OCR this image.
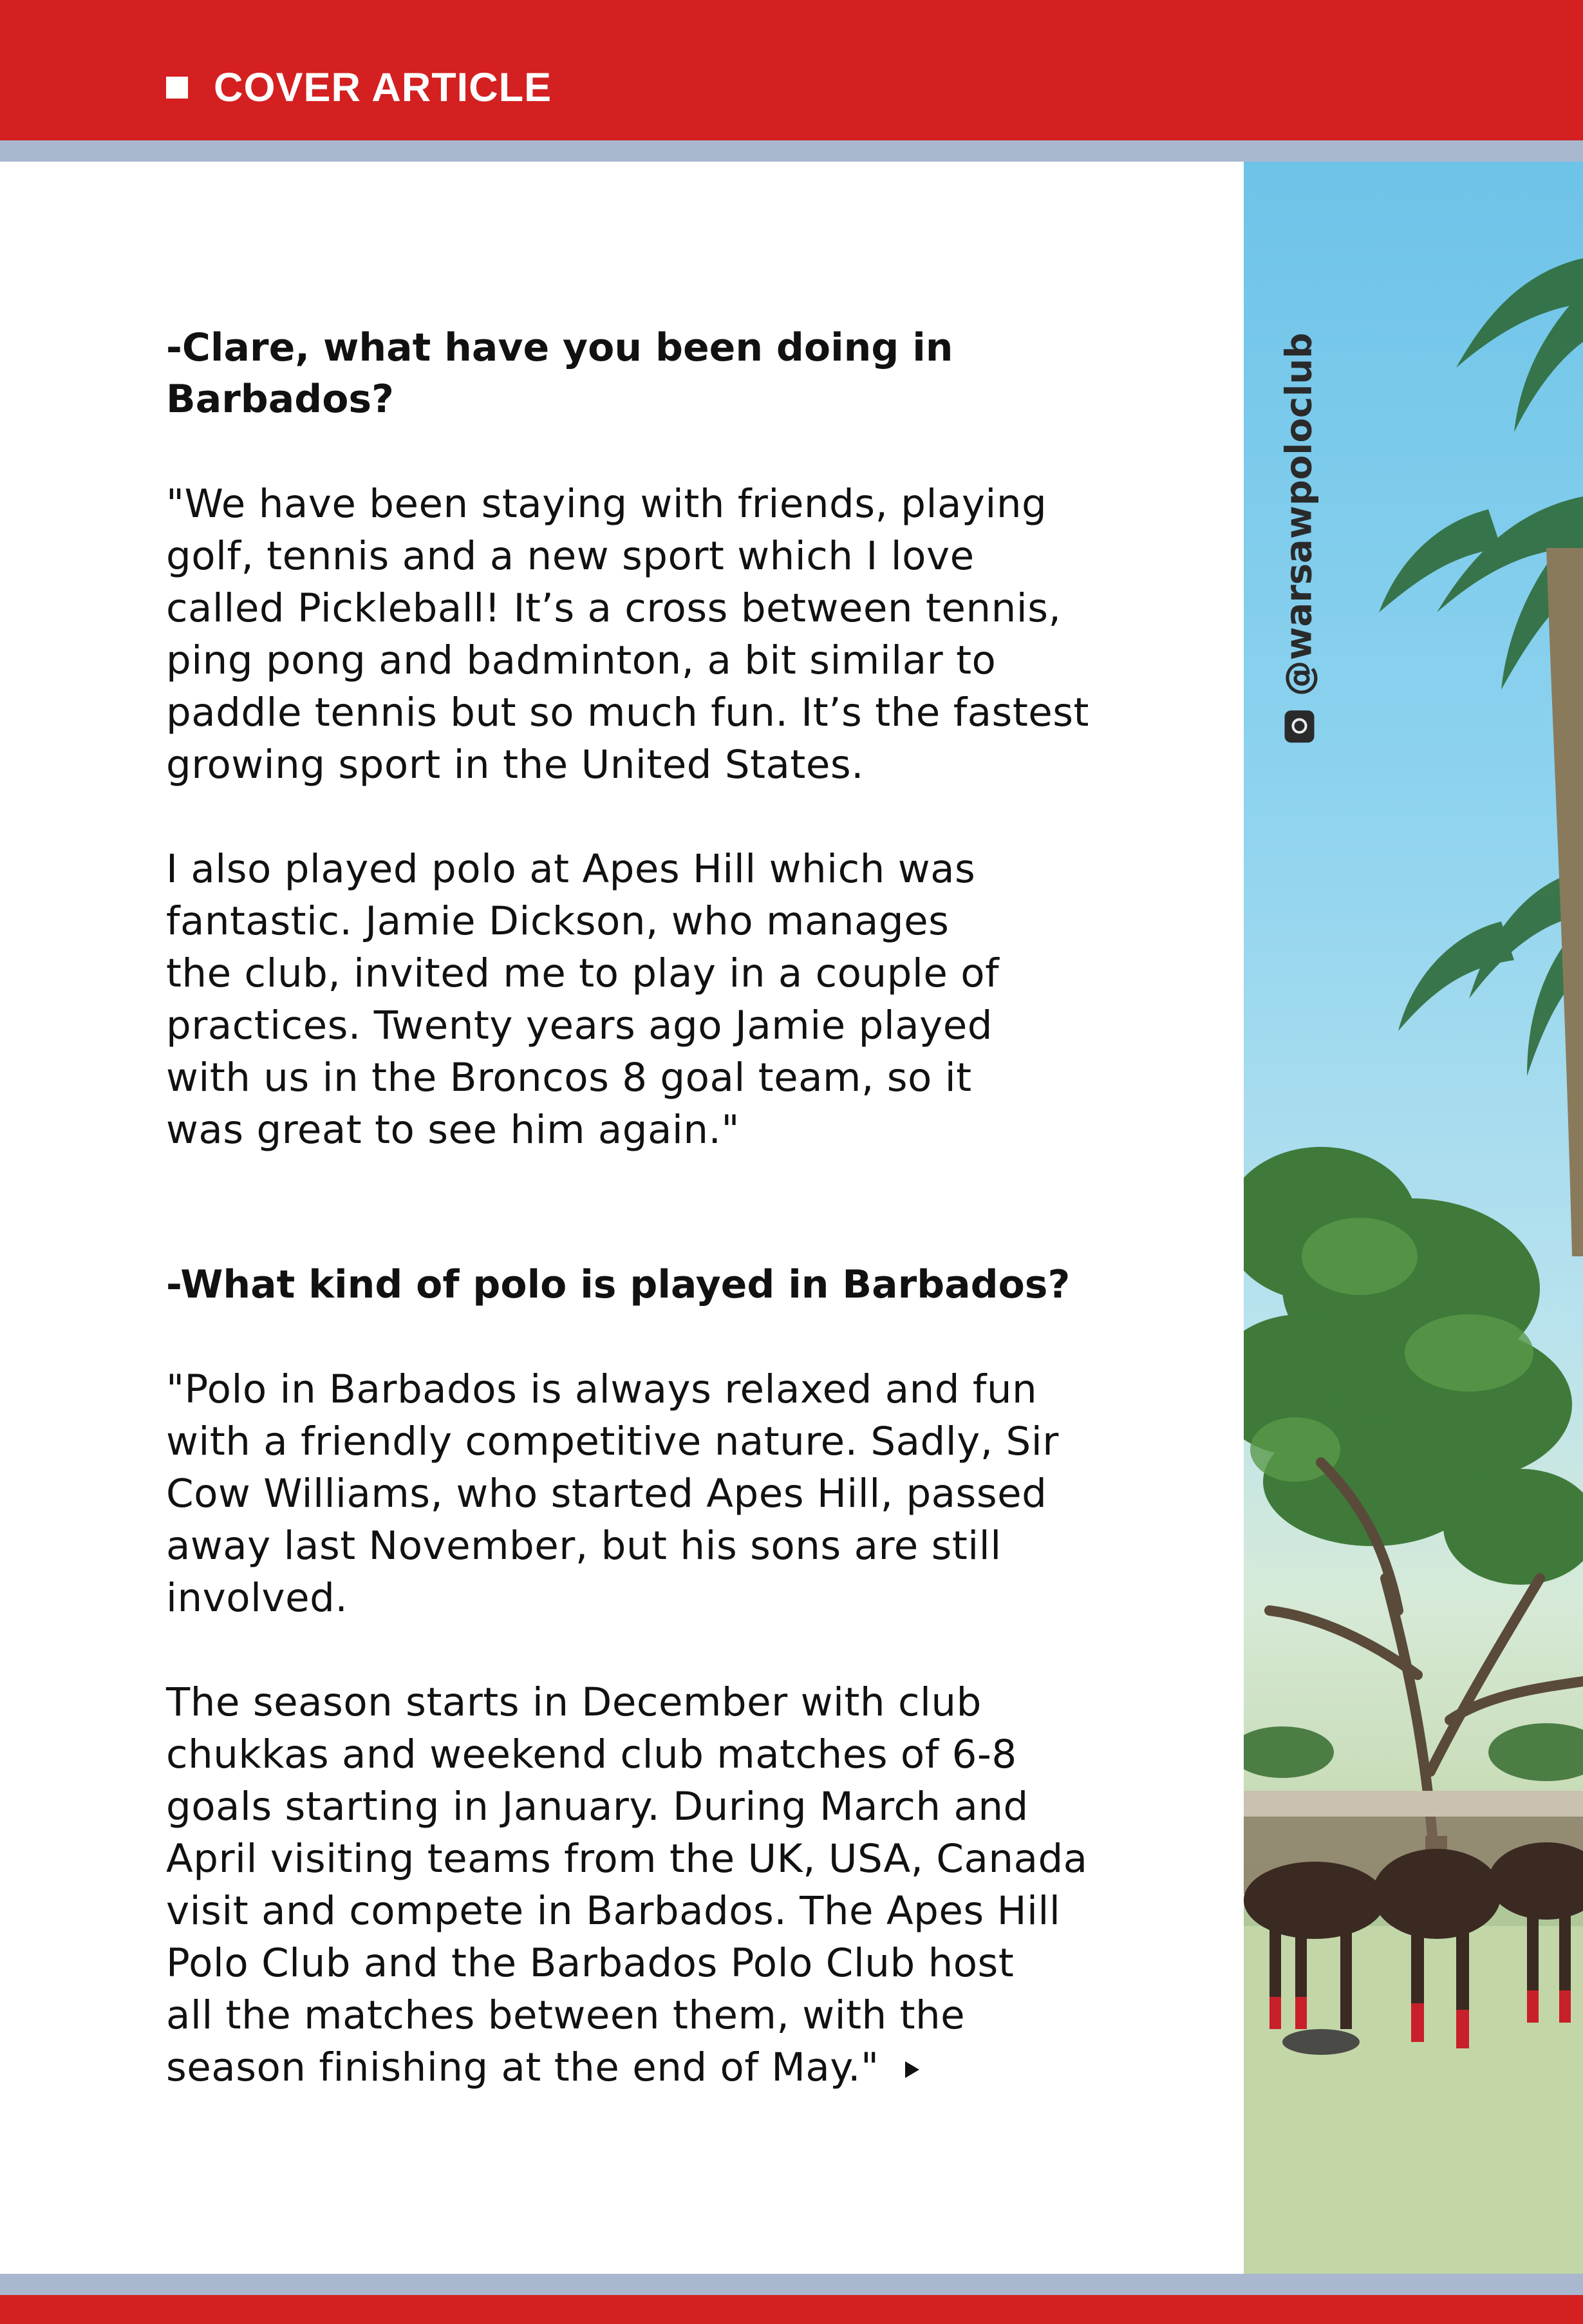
COVER ARTICLE

-Clare, what have you been doing in
Barbados?

"We have been staying with friends, playing
golf, tennis and a new sport which I love
called Pickleball! It’s a cross between tennis,
ping pong and badminton, a bit similar to
paddle tennis but so much fun. It’s the fastest
growing sport in the United States.

I also played polo at Apes Hill which was
fantastic. Jamie Dickson, who manages
the club, invited me to play in a couple of
practices. Twenty years ago Jamie played
with us in the Broncos 8 goal team, so it
was great to see him again."

-What kind of polo is played in Barbados?

"Polo in Barbados is always relaxed and fun
with a friendly competitive nature. Sadly, Sir
Cow Williams, who started Apes Hill, passed
away last November, but his sons are still
involved.

The season starts in December with club
chukkas and weekend club matches of 6-8
goals starting in January. During March and
April visiting teams from the UK, USA, Canada
visit and compete in Barbados. The Apes Hill
Polo Club and the Barbados Polo Club host
all the matches between them, with the
season finishing at the end of May."

@warsawpoloclub
